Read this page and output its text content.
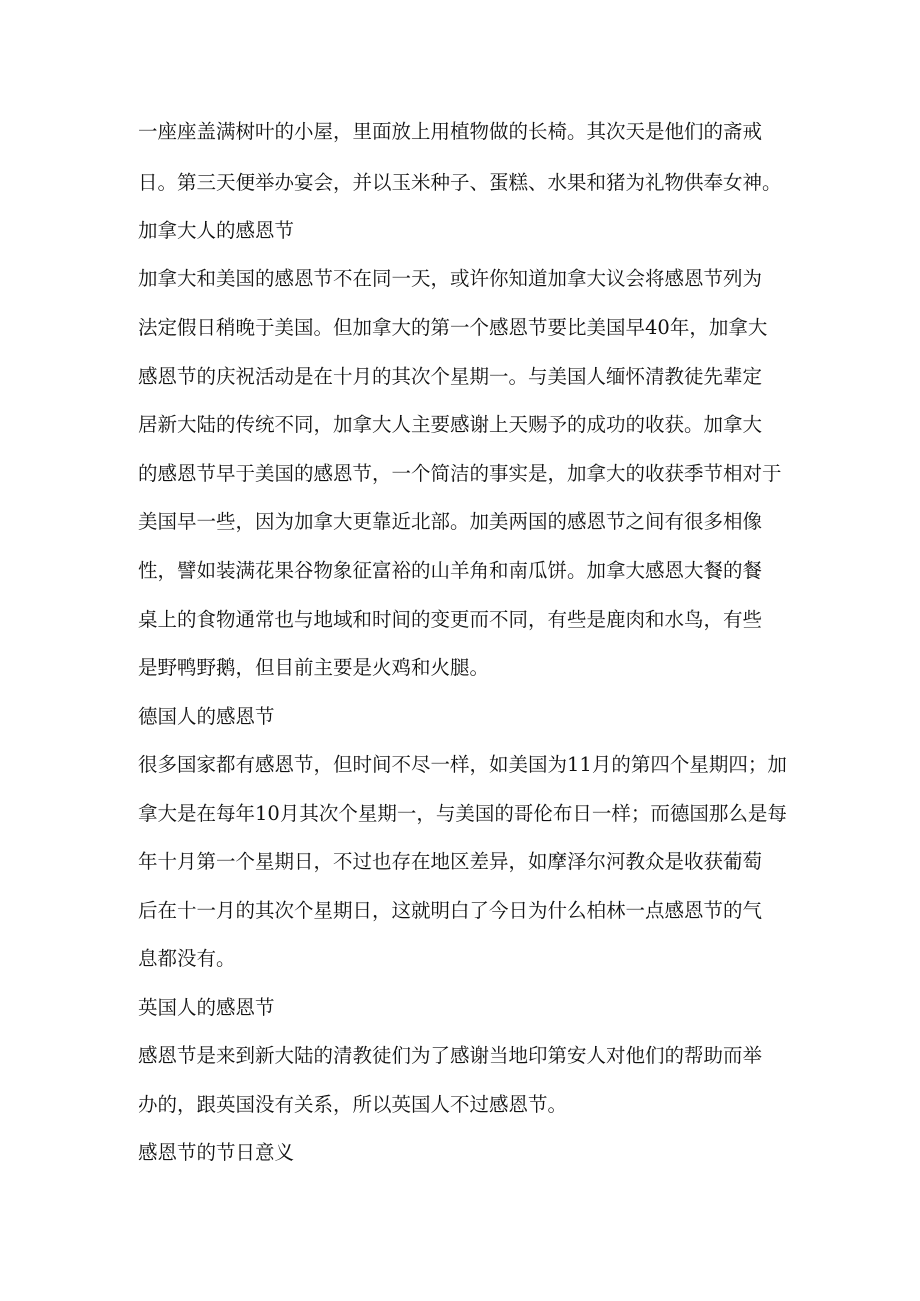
一座座盖满树叶的小屋，里面放上用植物做的长椅。其次天是他们的斋戒
日。第三天便举办宴会，并以玉米种子、蛋糕、水果和猪为礼物供奉女神。
加拿大人的感恩节
加拿大和美国的感恩节不在同一天，或许你知道加拿大议会将感恩节列为
法定假日稍晚于美国。但加拿大的第一个感恩节要比美国早40年，加拿大
感恩节的庆祝活动是在十月的其次个星期一。与美国人缅怀清教徒先辈定
居新大陆的传统不同，加拿大人主要感谢上天赐予的成功的收获。加拿大
的感恩节早于美国的感恩节，一个简洁的事实是，加拿大的收获季节相对于
美国早一些，因为加拿大更靠近北部。加美两国的感恩节之间有很多相像
性，譬如装满花果谷物象征富裕的山羊角和南瓜饼。加拿大感恩大餐的餐
桌上的食物通常也与地域和时间的变更而不同，有些是鹿肉和水鸟，有些
是野鸭野鹅，但目前主要是火鸡和火腿。
德国人的感恩节
很多国家都有感恩节，但时间不尽一样，如美国为11月的第四个星期四；加
拿大是在每年10月其次个星期一，与美国的哥伦布日一样；而德国那么是每
年十月第一个星期日，不过也存在地区差异，如摩泽尔河教众是收获葡萄
后在十一月的其次个星期日，这就明白了今日为什么柏林一点感恩节的气
息都没有。
英国人的感恩节
感恩节是来到新大陆的清教徒们为了感谢当地印第安人对他们的帮助而举
办的，跟英国没有关系，所以英国人不过感恩节。
感恩节的节日意义
